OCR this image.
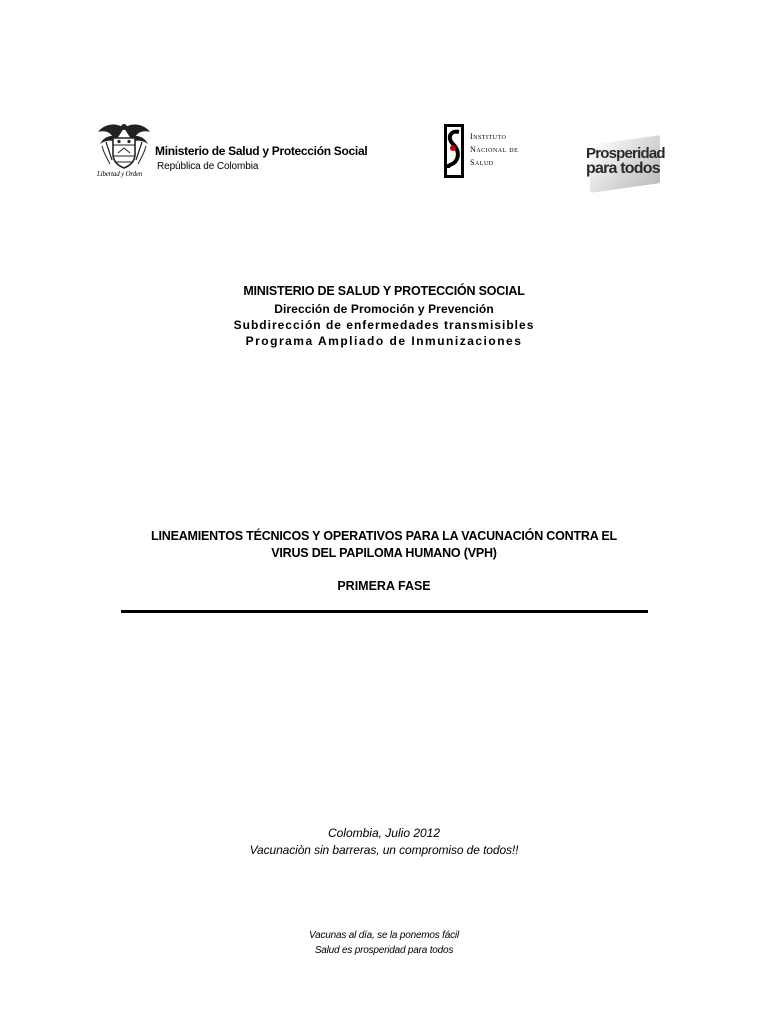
Libertad y Orden
Ministerio de Salud y Protección Social
República de Colombia
Instituto
Nacional de
Salud
Prosperidad
para todos
MINISTERIO DE SALUD Y PROTECCIÓN SOCIAL
Dirección de Promoción y Prevención
Subdirección de enfermedades transmisibles
Programa Ampliado de Inmunizaciones
LINEAMIENTOS TÉCNICOS Y OPERATIVOS PARA LA VACUNACIÓN CONTRA EL
VIRUS DEL PAPILOMA HUMANO (VPH)
PRIMERA FASE
Colombia, Julio 2012
Vacunaciòn sin barreras, un compromiso de todos!!
Vacunas al día, se la ponemos fácil
Salud es prosperidad para todos
